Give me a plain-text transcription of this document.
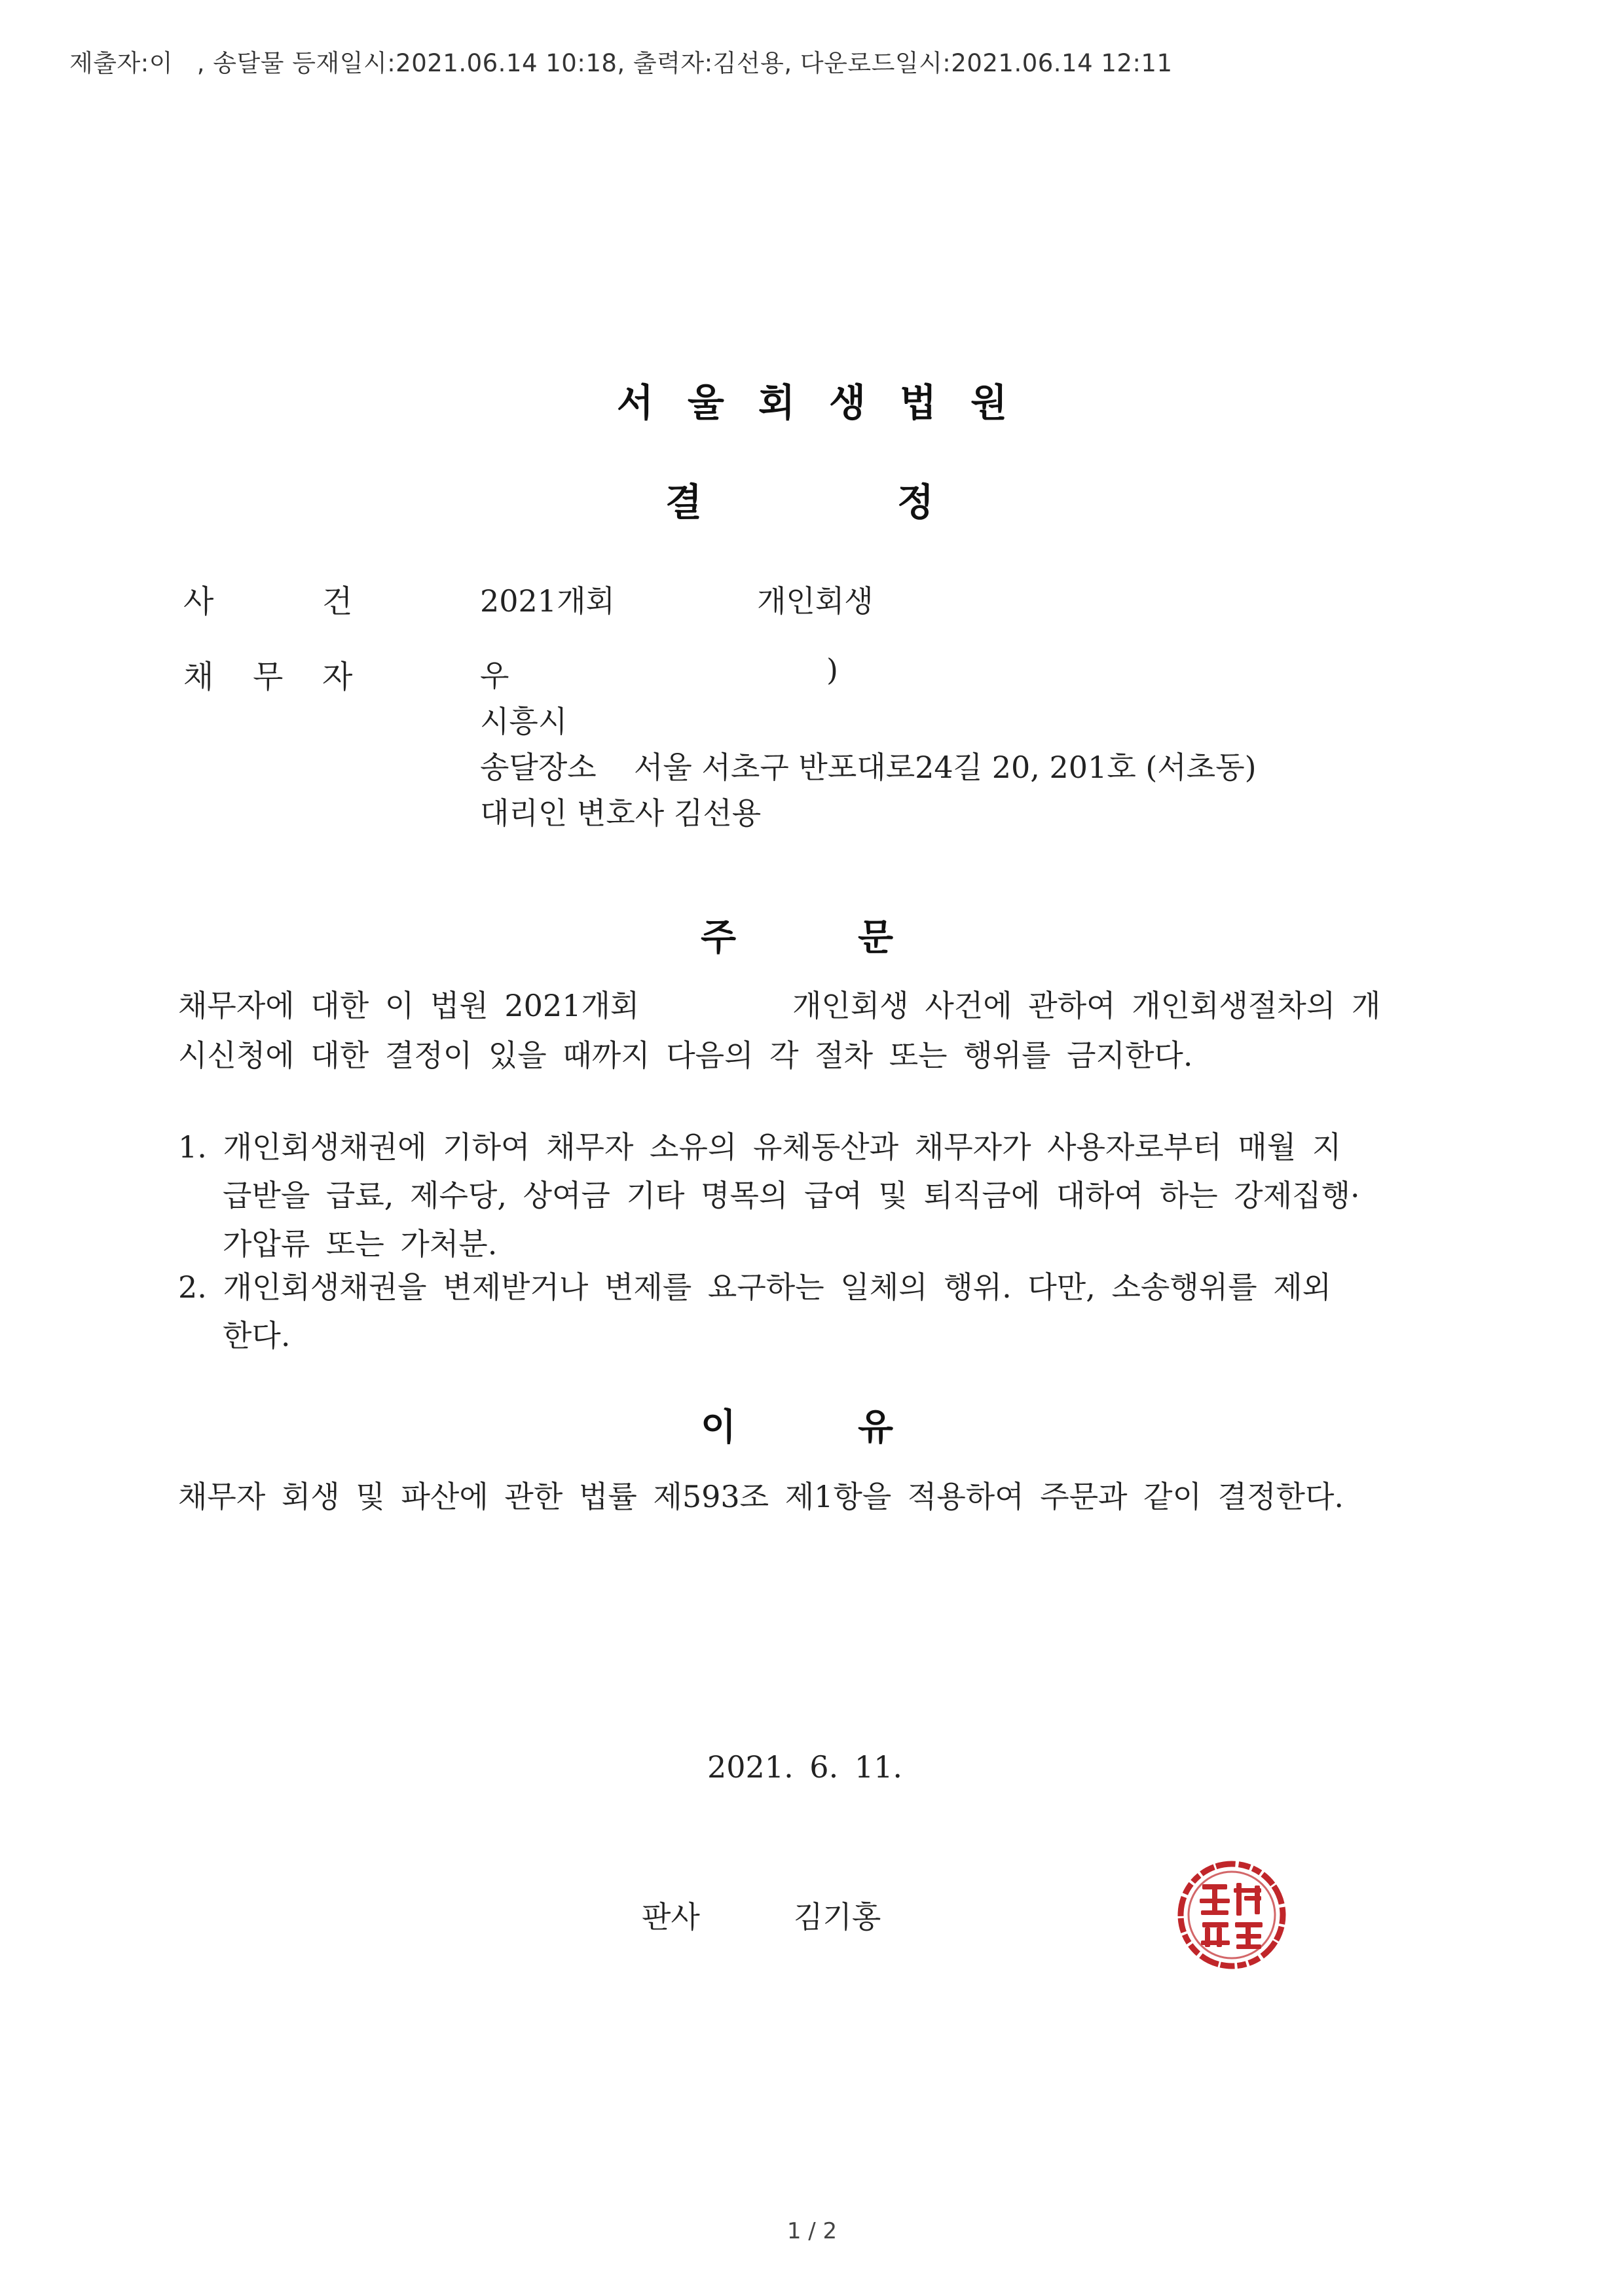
제출자:이   , 송달물 등재일시:2021.06.14 10:18, 출력자:김선용, 다운로드일시:2021.06.14 12:11
서울회생법원
결	정
사	건	2021개회	개인회생
채 무 자	우	)
시흥시
송달장소 서울 서초구 반포대로24길 20, 201호 (서초동)
대리인 변호사 김선용
주	문
채무자에 대한 이 법원 2021개회	개인회생 사건에 관하여 개인회생절차의 개
시신청에 대한 결정이 있을 때까지 다음의 각 절차 또는 행위를 금지한다.
1. 개인회생채권에 기하여 채무자 소유의 유체동산과 채무자가 사용자로부터 매월 지
급받을 급료, 제수당, 상여금 기타 명목의 급여 및 퇴직금에 대하여 하는 강제집행·
가압류 또는 가처분.
2. 개인회생채권을 변제받거나 변제를 요구하는 일체의 행위. 다만, 소송행위를 제외
한다.
이	유
채무자 회생 및 파산에 관한 법률 제593조 제1항을 적용하여 주문과 같이 결정한다.
2021. 6. 11.
판사	김기홍
1 / 2
